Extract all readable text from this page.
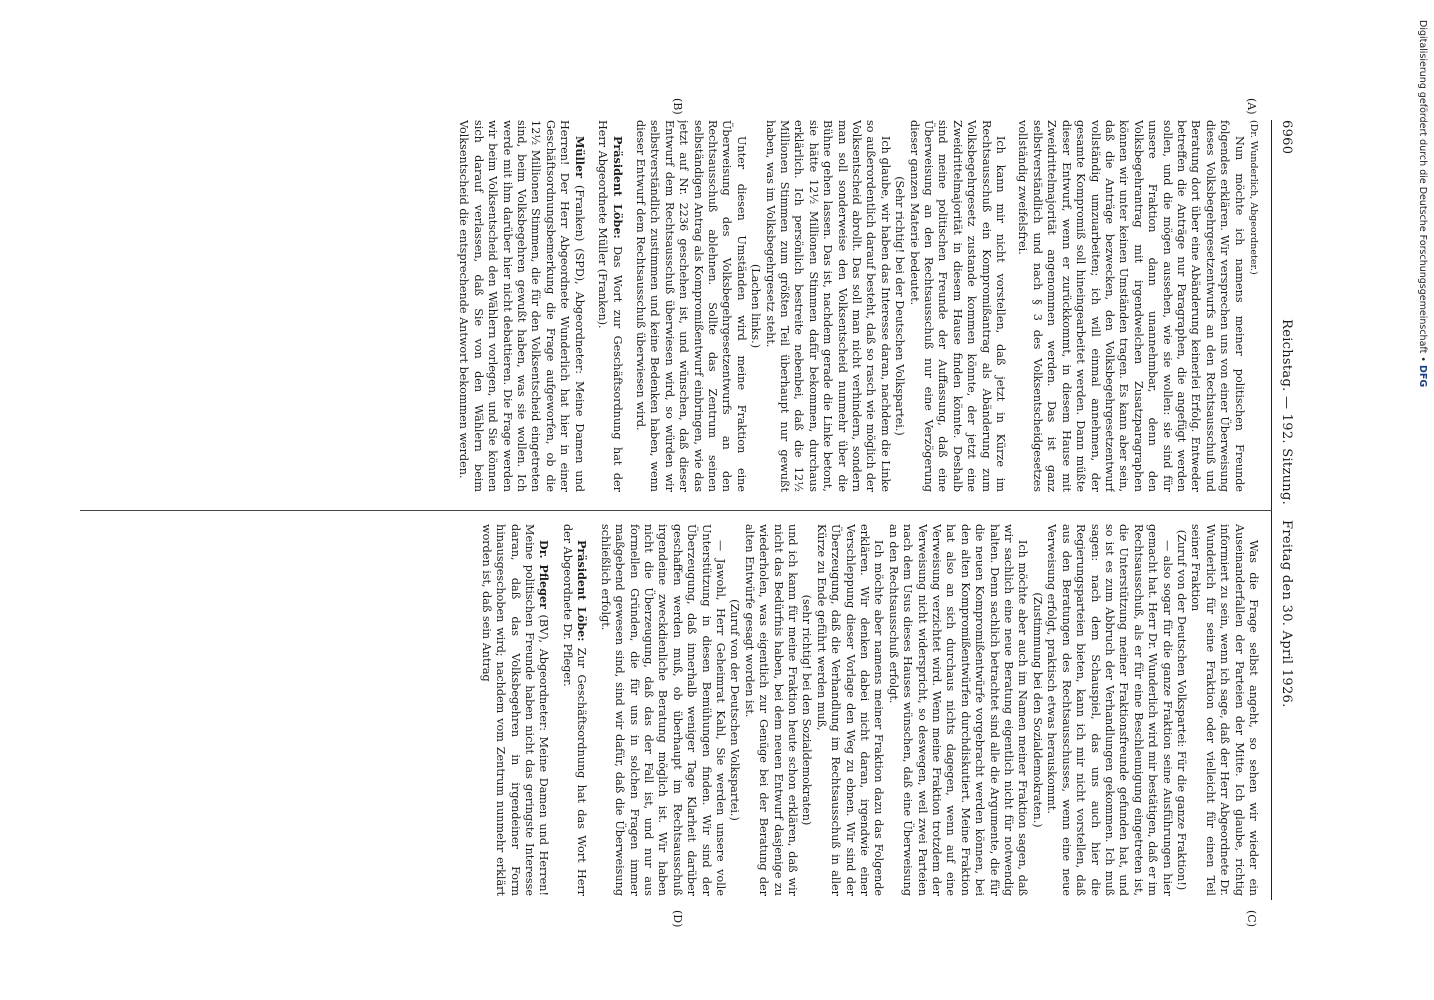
6960
Reichstag. — 192. Sitzung.
Freitag den 30. April 1926.
(A)
(B)
(C)
(D)

(Dr. Wunderlich, Abgeordneter.)

Nun möchte ich namens meiner politischen Freunde folgendes erklären. Wir versprechen uns von einer Überweisung dieses Volksbegehrgesetzentwurfs an den Rechtsausschuß und Beratung dort über eine Abänderung keinerlei Erfolg. Entweder betreffen die Anträge nur Paragraphen, die angefügt werden sollen, und die mögen aussehen, wie sie wollen: sie sind für unsere Fraktion dann unannehmbar, denn den Volksbegehrantrag mit irgendwelchen Zusatzparagraphen können wir unter keinen Umständen tragen. Es kann aber sein, daß die Anträge bezwecken, den Volksbegehrgesetzentwurf vollständig umzuarbeiten; ich will einmal annehmen, der gesamte Kompromiß soll hineingearbeitet werden. Dann müßte dieser Entwurf, wenn er zurückkommt, in diesem Hause mit Zweidrittelmajorität angenommen werden. Das ist ganz selbstverständlich und nach § 3 des Volksentscheidgesetzes vollständig zweifelsfrei.

Ich kann mir nicht vorstellen, daß jetzt in Kürze im Rechtsausschuß ein Kompromißantrag als Abänderung zum Volksbegehrgesetz zustande kommen könnte, der jetzt eine Zweidrittelmajorität in diesem Hause finden könnte. Deshalb sind meine politischen Freunde der Auffassung, daß eine Überweisung an den Rechtsausschuß nur eine Verzögerung dieser ganzen Materie bedeutet.

(Sehr richtig! bei der Deutschen Volkspartei.)

Ich glaube, wir haben das Interesse daran, nachdem die Linke so außerordentlich darauf besteht, daß so rasch wie möglich der Volksentscheid abrollt. Das soll man nicht verhindern, sondern man soll sonderweise den Volksentscheid nunmehr über die Bühne gehen lassen. Das ist, nachdem gerade die Linke betont, sie hätte 12½ Millionen Stimmen dafür bekommen, durchaus erklärlich. Ich persönlich bestreite nebenbei, daß die 12½ Millionen Stimmen zum größten Teil überhaupt nur gewußt haben, was im Volksbegehrgesetz steht.

(Lachen links.)

Unter diesen Umständen wird meine Fraktion eine Überweisung des Volksbegehrgesetzentwurfs an den Rechtsausschuß ablehnen. Sollte das Zentrum seinen selbständigen Antrag als Kompromißentwurf einbringen, wie das jetzt auf Nr. 2236 geschehen ist, und wünschen, daß dieser Entwurf dem Rechtsausschuß überwiesen wird, so würden wir selbstverständlich zustimmen und keine Bedenken haben, wenn dieser Entwurf dem Rechtsausschuß überwiesen wird.

Präsident Löbe: Das Wort zur Geschäftsordnung hat der Herr Abgeordnete Müller (Franken).

Müller (Franken) (SPD), Abgeordneter: Meine Damen und Herren! Der Herr Abgeordnete Wunderlich hat hier in einer Geschäftsordnungsbemerkung die Frage aufgeworfen, ob die 12½ Millionen Stimmen, die für den Volksentscheid eingetreten sind, beim Volksbegehren gewußt haben, was sie wollen. Ich werde mit ihm darüber hier nicht debattieren. Die Frage werden wir beim Volksentscheid den Wählern vorlegen, und Sie können sich darauf verlassen, daß Sie von den Wählern beim Volksentscheid die entsprechende Antwort bekommen werden.

Was die Frage selbst angeht, so sehen wir wieder ein Auseinanderfallen der Parteien der Mitte. Ich glaube, richtig informiert zu sein, wenn ich sage, daß der Herr Abgeordnete Dr. Wunderlich für seine Fraktion oder vielleicht für einen Teil seiner Fraktion

(Zuruf von der Deutschen Volkspartei: Für die ganze Fraktion!)

— also sogar für die ganze Fraktion seine Ausführungen hier gemacht hat. Herr Dr. Wunderlich wird mir bestätigen, daß er im Rechtsausschuß, als er für eine Beschleunigung eingetreten ist, die Unterstützung meiner Fraktionsfreunde gefunden hat, und so ist es zum Abbruch der Verhandlungen gekommen. Ich muß sagen: nach dem Schauspiel, das uns auch hier die Regierungsparteien bieten, kann ich mir nicht vorstellen, daß aus den Beratungen des Rechtsausschusses, wenn eine neue Verweisung erfolgt, praktisch etwas herauskommt.

(Zustimmung bei den Sozialdemokraten.)

Ich möchte aber auch im Namen meiner Fraktion sagen, daß wir sachlich eine neue Beratung eigentlich nicht für notwendig halten. Denn sachlich betrachtet sind alle die Argumente, die für die neuen Kompromißentwürfe vorgebracht werden können, bei den alten Kompromißentwürfen durchdiskutiert. Meine Fraktion hat also an sich durchaus nichts dagegen, wenn auf eine Verweisung verzichtet wird. Wenn meine Fraktion trotzdem der Verweisung nicht widerspricht, so deswegen, weil zwei Parteien nach dem Usus dieses Hauses wünschen, daß eine Überweisung an den Rechtsausschuß erfolgt.

Ich möchte aber namens meiner Fraktion dazu das Folgende erklären. Wir denken dabei nicht daran, irgendwie einer Verschleppung dieser Vorlage den Weg zu ebnen. Wir sind der Überzeugung, daß die Verhandlung im Rechtsausschuß in aller Kürze zu Ende geführt werden muß,

(sehr richtig! bei den Sozialdemokraten)

und ich kann für meine Fraktion heute schon erklären, daß wir nicht das Bedürfnis haben, bei dem neuen Entwurf dasjenige zu wiederholen, was eigentlich zur Genüge bei der Beratung der alten Entwürfe gesagt worden ist.

(Zuruf von der Deutschen Volkspartei.)

— Jawohl, Herr Geheimrat Kahl, Sie werden unsere volle Unterstützung in diesen Bemühungen finden. Wir sind der Überzeugung, daß innerhalb weniger Tage Klarheit darüber geschaffen werden muß, ob überhaupt im Rechtsausschuß irgendeine zweckdienliche Beratung möglich ist. Wir haben nicht die Überzeugung, daß das der Fall ist, und nur aus formellen Gründen, die für uns in solchen Fragen immer maßgebend gewesen sind, sind wir dafür, daß die Überweisung schließlich erfolgt.

Präsident Löbe: Zur Geschäftsordnung hat das Wort Herr der Abgeordnete Dr. Pfleger.

Dr. Pfleger (BV), Abgeordneter: Meine Damen und Herren! Meine politischen Freunde haben nicht das geringste Interesse daran, daß das Volksbegehren in irgendeiner Form hinausgeschoben wird; nachdem vom Zentrum nunmehr erklärt worden ist, daß sein Antrag

Digitalisierung gefördert durch die Deutsche Forschungsgemeinschaft • DFG
